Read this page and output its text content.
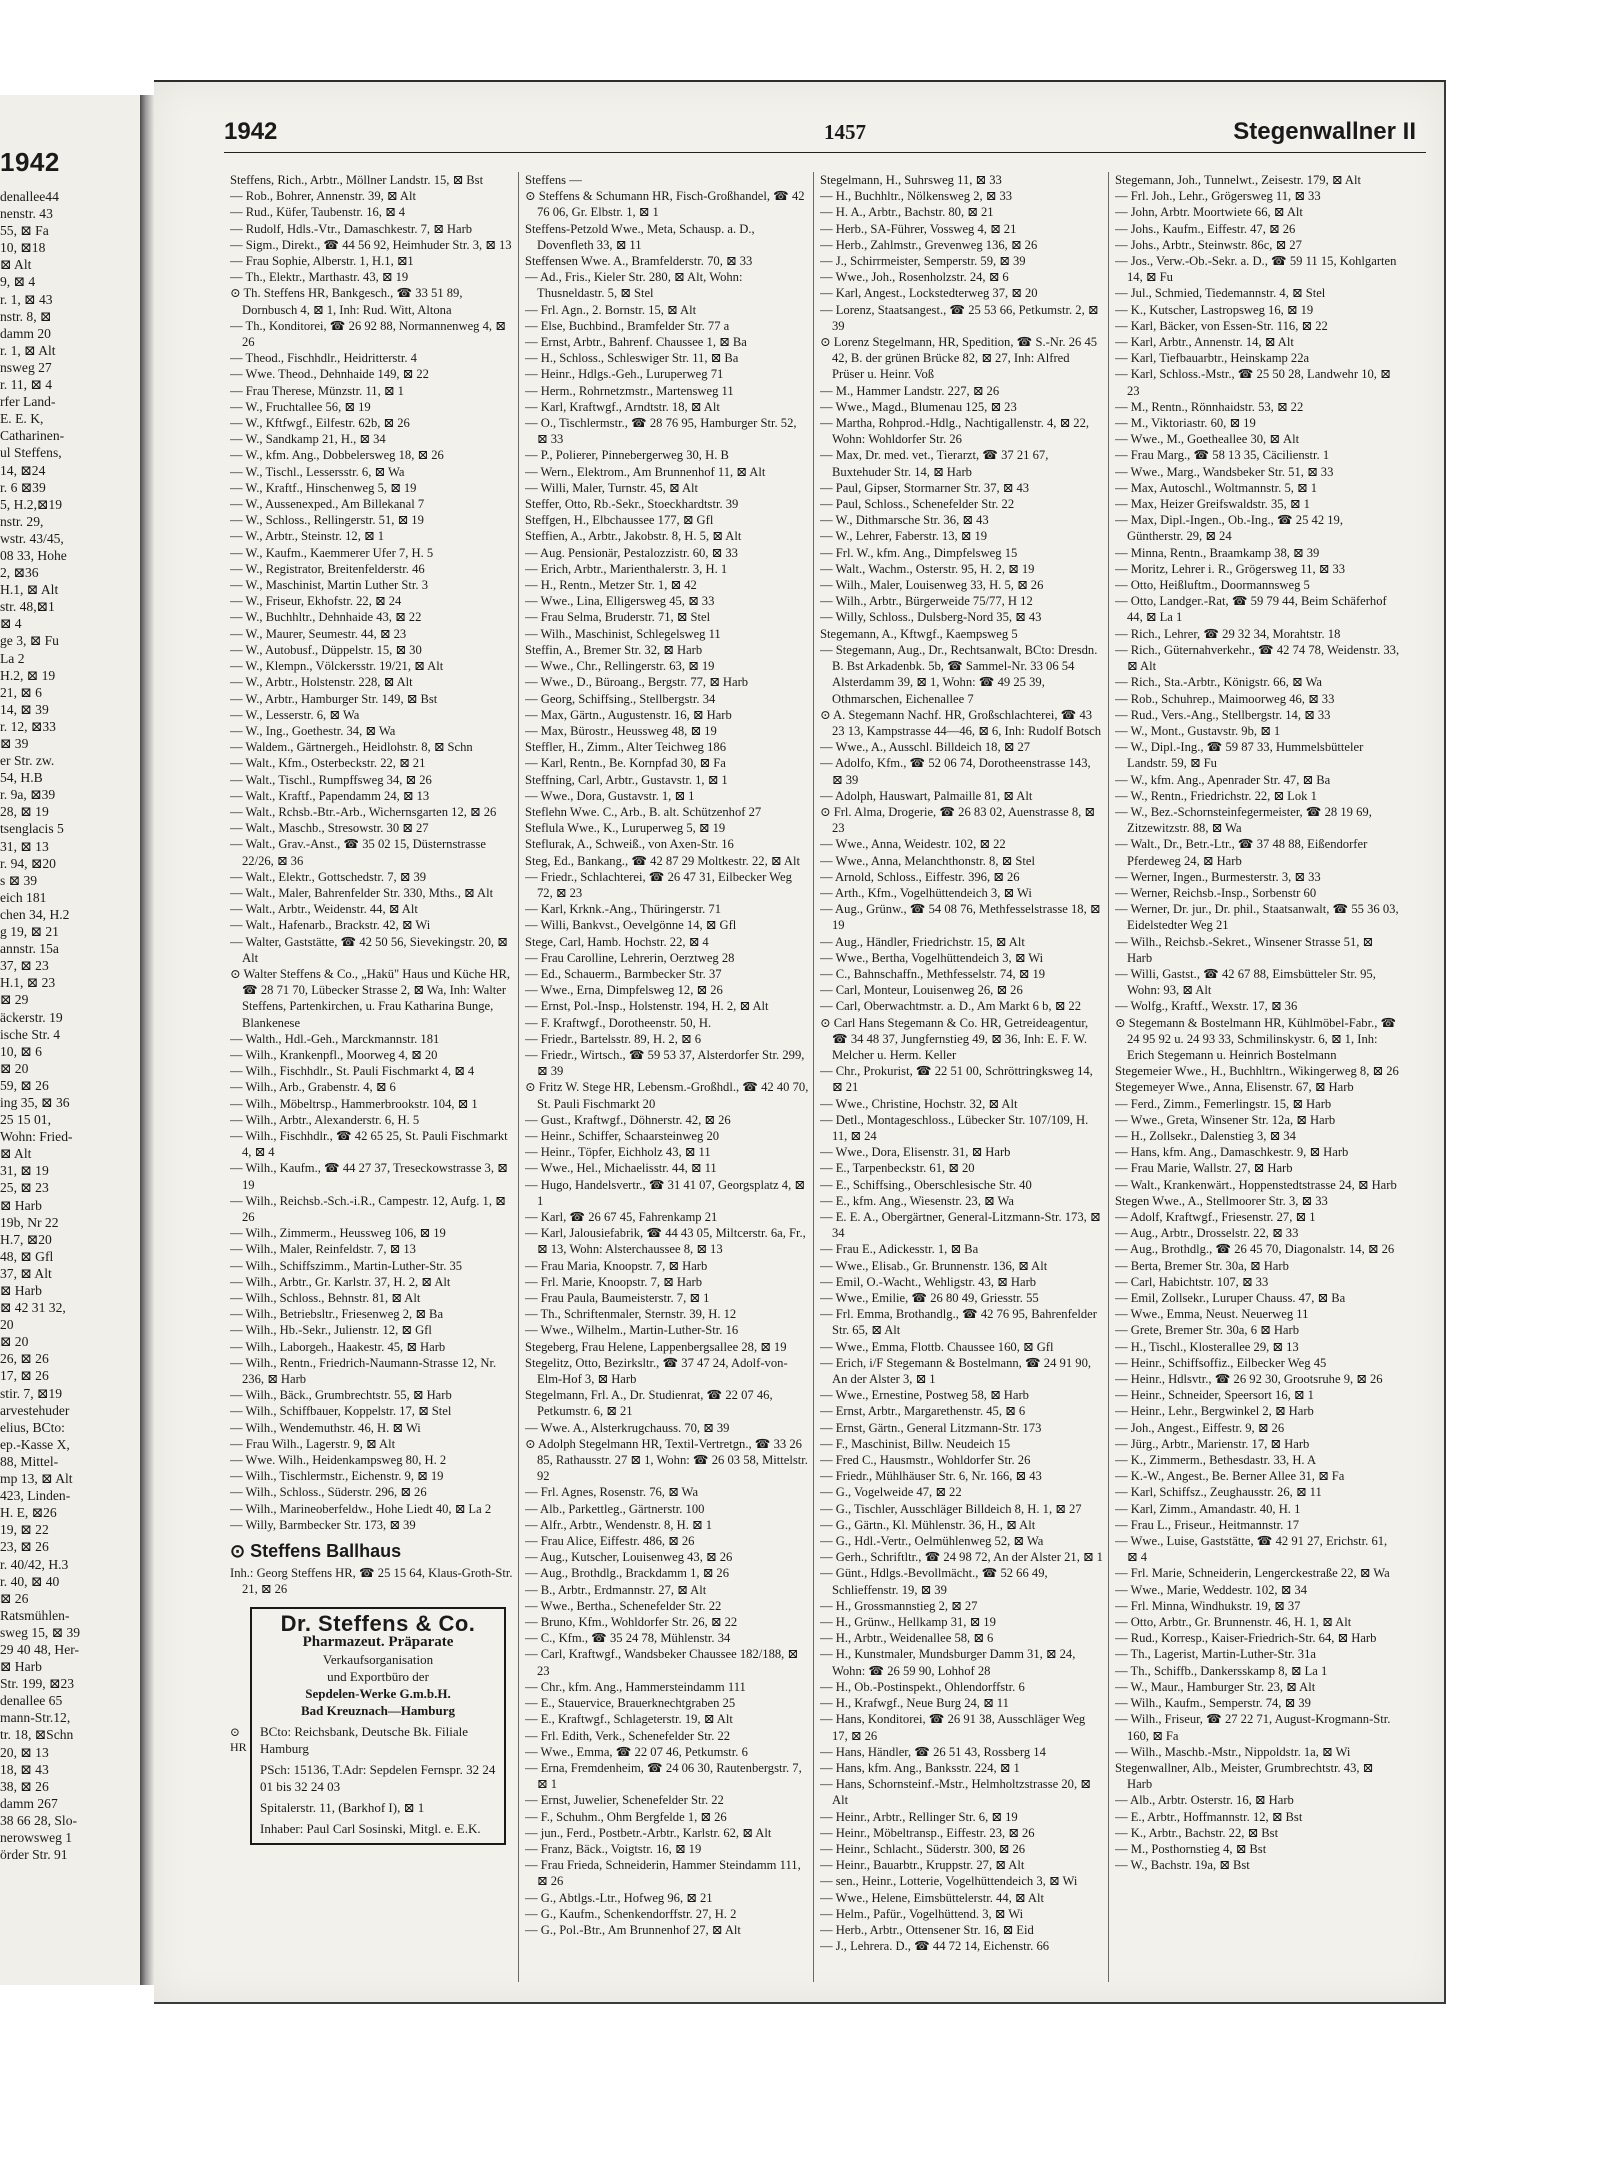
1942
denallee44
nenstr. 43
55, ⊠ Fa
10, ⊠18
⊠ Alt
9, ⊠ 4
r. 1, ⊠ 43
nstr. 8, ⊠
damm 20
r. 1, ⊠ Alt
nsweg 27
r. 11, ⊠ 4
rfer Land-
E. E. K,
Catharinen-
ul Steffens,
14, ⊠24
r. 6 ⊠39
5, H.2,⊠19
nstr. 29,
wstr. 43/45,
08 33, Hohe
2, ⊠36
H.1, ⊠ Alt
str. 48,⊠1
⊠ 4
ge 3, ⊠ Fu
La 2
H.2, ⊠ 19
21, ⊠ 6
14, ⊠ 39
r. 12, ⊠33
⊠ 39
er Str. zw.
54, H.B
r. 9a, ⊠39
28, ⊠ 19
tsenglacis 5
31, ⊠ 13
r. 94, ⊠20
s ⊠ 39
eich 181
chen 34, H.2
g 19, ⊠ 21
annstr. 15a
37, ⊠ 23
H.1, ⊠ 23
⊠ 29
äckerstr. 19
ische Str. 4
10, ⊠ 6
⊠ 20
59, ⊠ 26
ing 35, ⊠ 36
25 15 01,
Wohn: Fried-
⊠ Alt
31, ⊠ 19
25, ⊠ 23
⊠ Harb
19b, Nr 22
H.7, ⊠20
48, ⊠ Gfl
37, ⊠ Alt
⊠ Harb
⊠ 42 31 32,
20
⊠ 20
26, ⊠ 26
17, ⊠ 26
stir. 7, ⊠19
arvestehuder
elius, BCto:
ep.-Kasse X,
88, Mittel-
mp 13, ⊠ Alt
423, Linden-
H. E, ⊠26
19, ⊠ 22
23, ⊠ 26
r. 40/42, H.3
r. 40, ⊠ 40
⊠ 26
Ratsmühlen-
sweg 15, ⊠ 39
29 40 48, Her-
⊠ Harb
Str. 199, ⊠23
denallee 65
mann-Str.12,
tr. 18, ⊠Schn
20, ⊠ 13
18, ⊠ 43
38, ⊠ 26
damm 267
38 66 28, Slo-
nerowsweg 1
örder Str. 91
1942	1457	Stegenwallner II

Steffens, Rich., Arbtr., Möllner Landstr. 15, ⊠ Bst

— Rob., Bohrer, Annenstr. 39, ⊠ Alt

— Rud., Küfer, Taubenstr. 16, ⊠ 4

— Rudolf, Hdls.-Vtr., Damaschkestr. 7, ⊠ Harb

— Sigm., Direkt., ☎ 44 56 92, Heimhuder Str. 3, ⊠ 13

— Frau Sophie, Alberstr. 1, H.1, ⊠1

— Th., Elektr., Marthastr. 43, ⊠ 19

⊙ Th. Steffens HR, Bankgesch., ☎ 33 51 89, Dornbusch 4, ⊠ 1, Inh: Rud. Witt, Altona

— Th., Konditorei, ☎ 26 92 88, Normannenweg 4, ⊠ 26

— Theod., Fischhdlr., Heidritterstr. 4

— Wwe. Theod., Dehnhaide 149, ⊠ 22

— Frau Therese, Münzstr. 11, ⊠ 1

— W., Fruchtallee 56, ⊠ 19

— W., Kftfwgf., Eilfestr. 62b, ⊠ 26

— W., Sandkamp 21, H., ⊠ 34

— W., kfm. Ang., Dobbelersweg 18, ⊠ 26

— W., Tischl., Lessersstr. 6, ⊠ Wa

— W., Kraftf., Hinschenweg 5, ⊠ 19

— W., Aussenexped., Am Billekanal 7

— W., Schloss., Rellingerstr. 51, ⊠ 19

— W., Arbtr., Steinstr. 12, ⊠ 1

— W., Kaufm., Kaemmerer Ufer 7, H. 5

— W., Registrator, Breitenfelderstr. 46

— W., Maschinist, Martin Luther Str. 3

— W., Friseur, Ekhofstr. 22, ⊠ 24

— W., Buchhltr., Dehnhaide 43, ⊠ 22

— W., Maurer, Seumestr. 44, ⊠ 23

— W., Autobusf., Düppelstr. 15, ⊠ 30

— W., Klempn., Völckersstr. 19/21, ⊠ Alt

— W., Arbtr., Holstenstr. 228, ⊠ Alt

— W., Arbtr., Hamburger Str. 149, ⊠ Bst

— W., Lesserstr. 6, ⊠ Wa

— W., Ing., Goethestr. 34, ⊠ Wa

— Waldem., Gärtnergeh., Heidlohstr. 8, ⊠ Schn

— Walt., Kfm., Osterbeckstr. 22, ⊠ 21

— Walt., Tischl., Rumpffsweg 34, ⊠ 26

— Walt., Kraftf., Papendamm 24, ⊠ 13

— Walt., Rchsb.-Btr.-Arb., Wichernsgarten 12, ⊠ 26

— Walt., Maschb., Stresowstr. 30 ⊠ 27

— Walt., Grav.-Anst., ☎ 35 02 15, Düsternstrasse 22/26, ⊠ 36

— Walt., Elektr., Gottschedstr. 7, ⊠ 39

— Walt., Maler, Bahrenfelder Str. 330, Mths., ⊠ Alt

— Walt., Arbtr., Weidenstr. 44, ⊠ Alt

— Walt., Hafenarb., Brackstr. 42, ⊠ Wi

— Walter, Gaststätte, ☎ 42 50 56, Sievekingstr. 20, ⊠ Alt

⊙ Walter Steffens & Co., „Hakü" Haus und Küche HR, ☎ 28 71 70, Lübecker Strasse 2, ⊠ Wa, Inh: Walter Steffens, Partenkirchen, u. Frau Katharina Bunge, Blankenese

— Walth., Hdl.-Geh., Marckmannstr. 181

— Wilh., Krankenpfl., Moorweg 4, ⊠ 20

— Wilh., Fischhdlr., St. Pauli Fischmarkt 4, ⊠ 4

— Wilh., Arb., Grabenstr. 4, ⊠ 6

— Wilh., Möbeltrsp., Hammerbrookstr. 104, ⊠ 1

— Wilh., Arbtr., Alexanderstr. 6, H. 5

— Wilh., Fischhdlr., ☎ 42 65 25, St. Pauli Fischmarkt 4, ⊠ 4

— Wilh., Kaufm., ☎ 44 27 37, Treseckowstrasse 3, ⊠ 19

— Wilh., Reichsb.-Sch.-i.R., Campestr. 12, Aufg. 1, ⊠ 26

— Wilh., Zimmerm., Heussweg 106, ⊠ 19

— Wilh., Maler, Reinfeldstr. 7, ⊠ 13

— Wilh., Schiffszimm., Martin-Luther-Str. 35

— Wilh., Arbtr., Gr. Karlstr. 37, H. 2, ⊠ Alt

— Wilh., Schloss., Behnstr. 81, ⊠ Alt

— Wilh., Betriebsltr., Friesenweg 2, ⊠ Ba

— Wilh., Hb.-Sekr., Julienstr. 12, ⊠ Gfl

— Wilh., Laborgeh., Haakestr. 45, ⊠ Harb

— Wilh., Rentn., Friedrich-Naumann-Strasse 12, Nr. 236, ⊠ Harb

— Wilh., Bäck., Grumbrechtstr. 55, ⊠ Harb

— Wilh., Schiffbauer, Koppelstr. 17, ⊠ Stel

— Wilh., Wendemuthstr. 46, H. ⊠ Wi

— Frau Wilh., Lagerstr. 9, ⊠ Alt

— Wwe. Wilh., Heidenkampsweg 80, H. 2

— Wilh., Tischlermstr., Eichenstr. 9, ⊠ 19

— Wilh., Schloss., Süderstr. 296, ⊠ 26

— Wilh., Marineoberfeldw., Hohe Liedt 40, ⊠ La 2

— Willy, Barmbecker Str. 173, ⊠ 39

⊙ Steffens Ballhaus

Inh.: Georg Steffens HR, ☎ 25 15 64, Klaus-Groth-Str. 21, ⊠ 26

Dr. Steffens & Co.
Pharmazeut. Präparate
Verkaufsorganisation
und Exportbüro der
Sepdelen-Werke G.m.b.H.
Bad Kreuznach—Hamburg
BCto: Reichsbank, Deutsche Bk. Filiale Hamburg
PSch: 15136, T.Adr: Sepdelen Fernspr. 32 24 01 bis 32 24 03
Spitalerstr. 11, (Barkhof I), ⊠ 1
Inhaber: Paul Carl Sosinski, Mitgl. e. E.K.
⊙ HR

Steffens —

⊙ Steffens & Schumann HR, Fisch-Großhandel, ☎ 42 76 06, Gr. Elbstr. 1, ⊠ 1

Steffens-Petzold Wwe., Meta, Schausp. a. D., Dovenfleth 33, ⊠ 11

Steffensen Wwe. A., Bramfelderstr. 70, ⊠ 33

— Ad., Fris., Kieler Str. 280, ⊠ Alt, Wohn: Thusneldastr. 5, ⊠ Stel

— Frl. Agn., 2. Bornstr. 15, ⊠ Alt

— Else, Buchbind., Bramfelder Str. 77 a

— Ernst, Arbtr., Bahrenf. Chaussee 1, ⊠ Ba

— H., Schloss., Schleswiger Str. 11, ⊠ Ba

— Heinr., Hdlgs.-Geh., Luruperweg 71

— Herm., Rohrnetzmstr., Martensweg 11

— Karl, Kraftwgf., Arndtstr. 18, ⊠ Alt

— O., Tischlermstr., ☎ 28 76 95, Hamburger Str. 52, ⊠ 33

— P., Polierer, Pinnebergerweg 30, H. B

— Wern., Elektrom., Am Brunnenhof 11, ⊠ Alt

— Willi, Maler, Turnstr. 45, ⊠ Alt

Steffer, Otto, Rb.-Sekr., Stoeckhardtstr. 39

Steffgen, H., Elbchaussee 177, ⊠ Gfl

Steffien, A., Arbtr., Jakobstr. 8, H. 5, ⊠ Alt

— Aug. Pensionär, Pestalozzistr. 60, ⊠ 33

— Erich, Arbtr., Marienthalerstr. 3, H. 1

— H., Rentn., Metzer Str. 1, ⊠ 42

— Wwe., Lina, Elligersweg 45, ⊠ 33

— Frau Selma, Bruderstr. 71, ⊠ Stel

— Wilh., Maschinist, Schlegelsweg 11

Steffin, A., Bremer Str. 32, ⊠ Harb

— Wwe., Chr., Rellingerstr. 63, ⊠ 19

— Wwe., D., Büroang., Bergstr. 77, ⊠ Harb

— Georg, Schiffsing., Stellbergstr. 34

— Max, Gärtn., Augustenstr. 16, ⊠ Harb

— Max, Bürostr., Heussweg 48, ⊠ 19

Steffler, H., Zimm., Alter Teichweg 186

— Karl, Rentn., Be. Kornpfad 30, ⊠ Fa

Steffning, Carl, Arbtr., Gustavstr. 1, ⊠ 1

— Wwe., Dora, Gustavstr. 1, ⊠ 1

Steflehn Wwe. C., Arb., B. alt. Schützenhof 27

Steflula Wwe., K., Luruperweg 5, ⊠ 19

Steflurak, A., Schweiß., von Axen-Str. 16

Steg, Ed., Bankang., ☎ 42 87 29 Moltkestr. 22, ⊠ Alt

— Friedr., Schlachterei, ☎ 26 47 31, Eilbecker Weg 72, ⊠ 23

— Karl, Krknk.-Ang., Thüringerstr. 71

— Willi, Bankvst., Oevelgönne 14, ⊠ Gfl

Stege, Carl, Hamb. Hochstr. 22, ⊠ 4

— Frau Carolline, Lehrerin, Oerztweg 28

— Ed., Schauerm., Barmbecker Str. 37

— Wwe., Erna, Dimpfelsweg 12, ⊠ 26

— Ernst, Pol.-Insp., Holstenstr. 194, H. 2, ⊠ Alt

— F. Kraftwgf., Dorotheenstr. 50, H.

— Friedr., Bartelsstr. 89, H. 2, ⊠ 6

— Friedr., Wirtsch., ☎ 59 53 37, Alsterdorfer Str. 299, ⊠ 39

⊙ Fritz W. Stege HR, Lebensm.-Großhdl., ☎ 42 40 70, St. Pauli Fischmarkt 20

— Gust., Kraftwgf., Döhnerstr. 42, ⊠ 26

— Heinr., Schiffer, Schaarsteinweg 20

— Heinr., Töpfer, Eichholz 43, ⊠ 11

— Wwe., Hel., Michaelisstr. 44, ⊠ 11

— Hugo, Handelsvertr., ☎ 31 41 07, Georgsplatz 4, ⊠ 1

— Karl, ☎ 26 67 45, Fahrenkamp 21

— Karl, Jalousiefabrik, ☎ 44 43 05, Miltcerstr. 6a, Fr., ⊠ 13, Wohn: Alsterchaussee 8, ⊠ 13

— Frau Maria, Knoopstr. 7, ⊠ Harb

— Frl. Marie, Knoopstr. 7, ⊠ Harb

— Frau Paula, Baumeisterstr. 7, ⊠ 1

— Th., Schriftenmaler, Sternstr. 39, H. 12

— Wwe., Wilhelm., Martin-Luther-Str. 16

Stegeberg, Frau Helene, Lappenbergsallee 28, ⊠ 19

Stegelitz, Otto, Bezirksltr., ☎ 37 47 24, Adolf-von-Elm-Hof 3, ⊠ Harb

Stegelmann, Frl. A., Dr. Studienrat, ☎ 22 07 46, Petkumstr. 6, ⊠ 21

— Wwe. A., Alsterkrugchauss. 70, ⊠ 39

⊙ Adolph Stegelmann HR, Textil-Vertretgn., ☎ 33 26 85, Rathausstr. 27 ⊠ 1, Wohn: ☎ 26 03 58, Mittelstr. 92

— Frl. Agnes, Rosenstr. 76, ⊠ Wa

— Alb., Parkettleg., Gärtnerstr. 100

— Alfr., Arbtr., Wendenstr. 8, H. ⊠ 1

— Frau Alice, Eiffestr. 486, ⊠ 26

— Aug., Kutscher, Louisenweg 43, ⊠ 26

— Aug., Brothdlg., Brackdamm 1, ⊠ 26

— B., Arbtr., Erdmannstr. 27, ⊠ Alt

— Wwe., Bertha., Schenefelder Str. 22

— Bruno, Kfm., Wohldorfer Str. 26, ⊠ 22

— C., Kfm., ☎ 35 24 78, Mühlenstr. 34

— Carl, Kraftwgf., Wandsbeker Chaussee 182/188, ⊠ 23

— Chr., kfm. Ang., Hammersteindamm 111

— E., Stauervice, Brauerknechtgraben 25

— E., Kraftwgf., Schlageterstr. 19, ⊠ Alt

— Frl. Edith, Verk., Schenefelder Str. 22

— Wwe., Emma, ☎ 22 07 46, Petkumstr. 6

— Erna, Fremdenheim, ☎ 24 06 30, Rautenbergstr. 7, ⊠ 1

— Ernst, Juwelier, Schenefelder Str. 22

— F., Schuhm., Ohm Bergfelde 1, ⊠ 26

— jun., Ferd., Postbetr.-Arbtr., Karlstr. 62, ⊠ Alt

— Franz, Bäck., Voigtstr. 16, ⊠ 19

— Frau Frieda, Schneiderin, Hammer Steindamm 111, ⊠ 26

— G., Abtlgs.-Ltr., Hofweg 96, ⊠ 21

— G., Kaufm., Schenkendorffstr. 27, H. 2

— G., Pol.-Btr., Am Brunnenhof 27, ⊠ Alt

Stegelmann, H., Suhrsweg 11, ⊠ 33

— H., Buchhltr., Nölkensweg 2, ⊠ 33

— H. A., Arbtr., Bachstr. 80, ⊠ 21

— Herb., SA-Führer, Vossweg 4, ⊠ 21

— Herb., Zahlmstr., Grevenweg 136, ⊠ 26

— J., Schirrmeister, Semperstr. 59, ⊠ 39

— Wwe., Joh., Rosenholzstr. 24, ⊠ 6

— Karl, Angest., Lockstedterweg 37, ⊠ 20

— Lorenz, Staatsangest., ☎ 25 53 66, Petkumstr. 2, ⊠ 39

⊙ Lorenz Stegelmann, HR, Spedition, ☎ S.-Nr. 26 45 42, B. der grünen Brücke 82, ⊠ 27, Inh: Alfred Prüser u. Heinr. Voß

— M., Hammer Landstr. 227, ⊠ 26

— Wwe., Magd., Blumenau 125, ⊠ 23

— Martha, Rohprod.-Hdlg., Nachtigallenstr. 4, ⊠ 22, Wohn: Wohldorfer Str. 26

— Max, Dr. med. vet., Tierarzt, ☎ 37 21 67, Buxtehuder Str. 14, ⊠ Harb

— Paul, Gipser, Stormarner Str. 37, ⊠ 43

— Paul, Schloss., Schenefelder Str. 22

— W., Dithmarsche Str. 36, ⊠ 43

— W., Lehrer, Faberstr. 13, ⊠ 19

— Frl. W., kfm. Ang., Dimpfelsweg 15

— Walt., Wachm., Osterstr. 95, H. 2, ⊠ 19

— Wilh., Maler, Louisenweg 33, H. 5, ⊠ 26

— Wilh., Arbtr., Bürgerweide 75/77, H 12

— Willy, Schloss., Dulsberg-Nord 35, ⊠ 43

Stegemann, A., Kftwgf., Kaempsweg 5

— Stegemann, Aug., Dr., Rechtsanwalt, BCto: Dresdn. B. Bst Arkadenbk. 5b, ☎ Sammel-Nr. 33 06 54 Alsterdamm 39, ⊠ 1, Wohn: ☎ 49 25 39, Othmarschen, Eichenallee 7

⊙ A. Stegemann Nachf. HR, Großschlachterei, ☎ 43 23 13, Kampstrasse 44—46, ⊠ 6, Inh: Rudolf Botsch

— Wwe., A., Ausschl. Billdeich 18, ⊠ 27

— Adolfo, Kfm., ☎ 52 06 74, Dorotheenstrasse 143, ⊠ 39

— Adolph, Hauswart, Palmaille 81, ⊠ Alt

⊙ Frl. Alma, Drogerie, ☎ 26 83 02, Auenstrasse 8, ⊠ 23

— Wwe., Anna, Weidestr. 102, ⊠ 22

— Wwe., Anna, Melanchthonstr. 8, ⊠ Stel

— Arnold, Schloss., Eiffestr. 396, ⊠ 26

— Arth., Kfm., Vogelhüttendeich 3, ⊠ Wi

— Aug., Grünw., ☎ 54 08 76, Methfesselstrasse 18, ⊠ 19

— Aug., Händler, Friedrichstr. 15, ⊠ Alt

— Wwe., Bertha, Vogelhüttendeich 3, ⊠ Wi

— C., Bahnschaffn., Methfesselstr. 74, ⊠ 19

— Carl, Monteur, Louisenweg 26, ⊠ 26

— Carl, Oberwachtmstr. a. D., Am Markt 6 b, ⊠ 22

⊙ Carl Hans Stegemann & Co. HR, Getreideagentur, ☎ 34 48 37, Jungfernstieg 49, ⊠ 36, Inh: E. F. W. Melcher u. Herm. Keller

— Chr., Prokurist, ☎ 22 51 00, Schröttringksweg 14, ⊠ 21

— Wwe., Christine, Hochstr. 32, ⊠ Alt

— Detl., Montageschloss., Lübecker Str. 107/109, H. 11, ⊠ 24

— Wwe., Dora, Elisenstr. 31, ⊠ Harb

— E., Tarpenbeckstr. 61, ⊠ 20

— E., Schiffsing., Oberschlesische Str. 40

— E., kfm. Ang., Wiesenstr. 23, ⊠ Wa

— E. E. A., Obergärtner, General-Litzmann-Str. 173, ⊠ 34

— Frau E., Adickesstr. 1, ⊠ Ba

— Wwe., Elisab., Gr. Brunnenstr. 136, ⊠ Alt

— Emil, O.-Wacht., Wehligstr. 43, ⊠ Harb

— Wwe., Emilie, ☎ 26 80 49, Griesstr. 55

— Frl. Emma, Brothandlg., ☎ 42 76 95, Bahrenfelder Str. 65, ⊠ Alt

— Wwe., Emma, Flottb. Chaussee 160, ⊠ Gfl

— Erich, i/F Stegemann & Bostelmann, ☎ 24 91 90, An der Alster 3, ⊠ 1

— Wwe., Ernestine, Postweg 58, ⊠ Harb

— Ernst, Arbtr., Margarethenstr. 45, ⊠ 6

— Ernst, Gärtn., General Litzmann-Str. 173

— F., Maschinist, Billw. Neudeich 15

— Fred C., Hausmstr., Wohldorfer Str. 26

— Friedr., Mühlhäuser Str. 6, Nr. 166, ⊠ 43

— G., Vogelweide 47, ⊠ 22

— G., Tischler, Ausschläger Billdeich 8, H. 1, ⊠ 27

— G., Gärtn., Kl. Mühlenstr. 36, H., ⊠ Alt

— G., Hdl.-Vertr., Oelmühlenweg 52, ⊠ Wa

— Gerh., Schriftltr., ☎ 24 98 72, An der Alster 21, ⊠ 1

— Günt., Hdlgs.-Bevollmächt., ☎ 52 66 49, Schlieffenstr. 19, ⊠ 39

— H., Grossmannstieg 2, ⊠ 27

— H., Grünw., Hellkamp 31, ⊠ 19

— H., Arbtr., Weidenallee 58, ⊠ 6

— H., Kunstmaler, Mundsburger Damm 31, ⊠ 24, Wohn: ☎ 26 59 90, Lohhof 28

— H., Ob.-Postinspekt., Ohlendorffstr. 6

— H., Krafwgf., Neue Burg 24, ⊠ 11

— Hans, Konditorei, ☎ 26 91 38, Ausschläger Weg 17, ⊠ 26

— Hans, Händler, ☎ 26 51 43, Rossberg 14

— Hans, kfm. Ang., Banksstr. 224, ⊠ 1

— Hans, Schornsteinf.-Mstr., Helmholtzstrasse 20, ⊠ Alt

— Heinr., Arbtr., Rellinger Str. 6, ⊠ 19

— Heinr., Möbeltransp., Eiffestr. 23, ⊠ 26

— Heinr., Schlacht., Süderstr. 300, ⊠ 26

— Heinr., Bauarbtr., Kruppstr. 27, ⊠ Alt

— sen., Heinr., Lotterie, Vogelhüttendeich 3, ⊠ Wi

— Wwe., Helene, Eimsbüttelerstr. 44, ⊠ Alt

— Helm., Pafür., Vogelhüttend. 3, ⊠ Wi

— Herb., Arbtr., Ottensener Str. 16, ⊠ Eid

— J., Lehrera. D., ☎ 44 72 14, Eichenstr. 66

Stegemann, Joh., Tunnelwt., Zeisestr. 179, ⊠ Alt

— Frl. Joh., Lehr., Grögersweg 11, ⊠ 33

— John, Arbtr. Moortwiete 66, ⊠ Alt

— Johs., Kaufm., Eiffestr. 47, ⊠ 26

— Johs., Arbtr., Steinwstr. 86c, ⊠ 27

— Jos., Verw.-Ob.-Sekr. a. D., ☎ 59 11 15, Kohlgarten 14, ⊠ Fu

— Jul., Schmied, Tiedemannstr. 4, ⊠ Stel

— K., Kutscher, Lastropsweg 16, ⊠ 19

— Karl, Bäcker, von Essen-Str. 116, ⊠ 22

— Karl, Arbtr., Annenstr. 14, ⊠ Alt

— Karl, Tiefbauarbtr., Heinskamp 22a

— Karl, Schloss.-Mstr., ☎ 25 50 28, Landwehr 10, ⊠ 23

— M., Rentn., Rönnhaidstr. 53, ⊠ 22

— M., Viktoriastr. 60, ⊠ 19

— Wwe., M., Goethealleе 30, ⊠ Alt

— Frau Marg., ☎ 58 13 35, Cäcilienstr. 1

— Wwe., Marg., Wandsbeker Str. 51, ⊠ 33

— Max, Autoschl., Woltmannstr. 5, ⊠ 1

— Max, Heizer Greifswaldstr. 35, ⊠ 1

— Max, Dipl.-Ingen., Ob.-Ing., ☎ 25 42 19, Güntherstr. 29, ⊠ 24

— Minna, Rentn., Braamkamp 38, ⊠ 39

— Moritz, Lehrer i. R., Grögersweg 11, ⊠ 33

— Otto, Heißluftm., Doormannsweg 5

— Otto, Landger.-Rat, ☎ 59 79 44, Beim Schäferhof 44, ⊠ La 1

— Rich., Lehrer, ☎ 29 32 34, Morahtstr. 18

— Rich., Güternahverkehr., ☎ 42 74 78, Weidenstr. 33, ⊠ Alt

— Rich., Sta.-Arbtr., Königstr. 66, ⊠ Wa

— Rob., Schuhrep., Maimoorweg 46, ⊠ 33

— Rud., Vers.-Ang., Stellbergstr. 14, ⊠ 33

— W., Mont., Gustavstr. 9b, ⊠ 1

— W., Dipl.-Ing., ☎ 59 87 33, Hummelsbütteler Landstr. 59, ⊠ Fu

— W., kfm. Ang., Apenrader Str. 47, ⊠ Ba

— W., Rentn., Friedrichstr. 22, ⊠ Lok 1

— W., Bez.-Schornsteinfegermeister, ☎ 28 19 69, Zitzewitzstr. 88, ⊠ Wa

— Walt., Dr., Betr.-Ltr., ☎ 37 48 88, Eißendorfer Pferdeweg 24, ⊠ Harb

— Werner, Ingen., Burmesterstr. 3, ⊠ 33

— Werner, Reichsb.-Insp., Sorbenstr 60

— Werner, Dr. jur., Dr. phil., Staatsanwalt, ☎ 55 36 03, Eidelstedter Weg 21

— Wilh., Reichsb.-Sekret., Winsener Strasse 51, ⊠ Harb

— Willi, Gastst., ☎ 42 67 88, Eimsbütteler Str. 95, Wohn: 93, ⊠ Alt

— Wolfg., Kraftf., Wexstr. 17, ⊠ 36

⊙ Stegemann & Bostelmann HR, Kühlmöbel-Fabr., ☎ 24 95 92 u. 24 93 33, Schmilinskystr. 6, ⊠ 1, Inh: Erich Stegemann u. Heinrich Bostelmann

Stegemeier Wwe., H., Buchhltrn., Wikingerweg 8, ⊠ 26

Stegemeyer Wwe., Anna, Elisenstr. 67, ⊠ Harb

— Ferd., Zimm., Femerlingstr. 15, ⊠ Harb

— Wwe., Greta, Winsener Str. 12a, ⊠ Harb

— H., Zollsekr., Dalenstieg 3, ⊠ 34

— Hans, kfm. Ang., Damaschkestr. 9, ⊠ Harb

— Frau Marie, Wallstr. 27, ⊠ Harb

— Walt., Krankenwärt., Hoppenstedtstrasse 24, ⊠ Harb

Stegen Wwe., A., Stellmoorer Str. 3, ⊠ 33

— Adolf, Kraftwgf., Friesenstr. 27, ⊠ 1

— Aug., Arbtr., Drosselstr. 22, ⊠ 33

— Aug., Brothdlg., ☎ 26 45 70, Diagonalstr. 14, ⊠ 26

— Berta, Bremer Str. 30a, ⊠ Harb

— Carl, Habichtstr. 107, ⊠ 33

— Emil, Zollsekr., Luruper Chauss. 47, ⊠ Ba

— Wwe., Emma, Neust. Neuerweg 11

— Grete, Bremer Str. 30a, 6 ⊠ Harb

— H., Tischl., Klosterallee 29, ⊠ 13

— Heinr., Schiffsoffiz., Eilbecker Weg 45

— Heinr., Hdlsvtr., ☎ 26 92 30, Grootsruhe 9, ⊠ 26

— Heinr., Schneider, Speersort 16, ⊠ 1

— Heinr., Lehr., Bergwinkel 2, ⊠ Harb

— Joh., Angest., Eiffestr. 9, ⊠ 26

— Jürg., Arbtr., Marienstr. 17, ⊠ Harb

— K., Zimmerm., Bethesdastr. 33, H. A

— K.-W., Angest., Be. Berner Allee 31, ⊠ Fa

— Karl, Schiffsz., Zeughausstr. 26, ⊠ 11

— Karl, Zimm., Amandastr. 40, H. 1

— Frau L., Friseur., Heitmannstr. 17

— Wwe., Luise, Gaststätte, ☎ 42 91 27, Erichstr. 61, ⊠ 4

— Frl. Marie, Schneiderin, Lengerckestraße 22, ⊠ Wa

— Wwe., Marie, Weddestr. 102, ⊠ 34

— Frl. Minna, Windhukstr. 19, ⊠ 37

— Otto, Arbtr., Gr. Brunnenstr. 46, H. 1, ⊠ Alt

— Rud., Korresp., Kaiser-Friedrich-Str. 64, ⊠ Harb

— Th., Lagerist, Martin-Luther-Str. 31a

— Th., Schiffb., Dankersskamp 8, ⊠ La 1

— W., Maur., Hamburger Str. 23, ⊠ Alt

— Wilh., Kaufm., Semperstr. 74, ⊠ 39

— Wilh., Friseur, ☎ 27 22 71, August-Krogmann-Str. 160, ⊠ Fa

— Wilh., Maschb.-Mstr., Nippoldstr. 1a, ⊠ Wi

Stegenwallner, Alb., Meister, Grumbrechtstr. 43, ⊠ Harb

— Alb., Arbtr. Osterstr. 16, ⊠ Harb

— E., Arbtr., Hoffmannstr. 12, ⊠ Bst

— K., Arbtr., Bachstr. 22, ⊠ Bst

— M., Posthornstieg 4, ⊠ Bst

— W., Bachstr. 19a, ⊠ Bst
